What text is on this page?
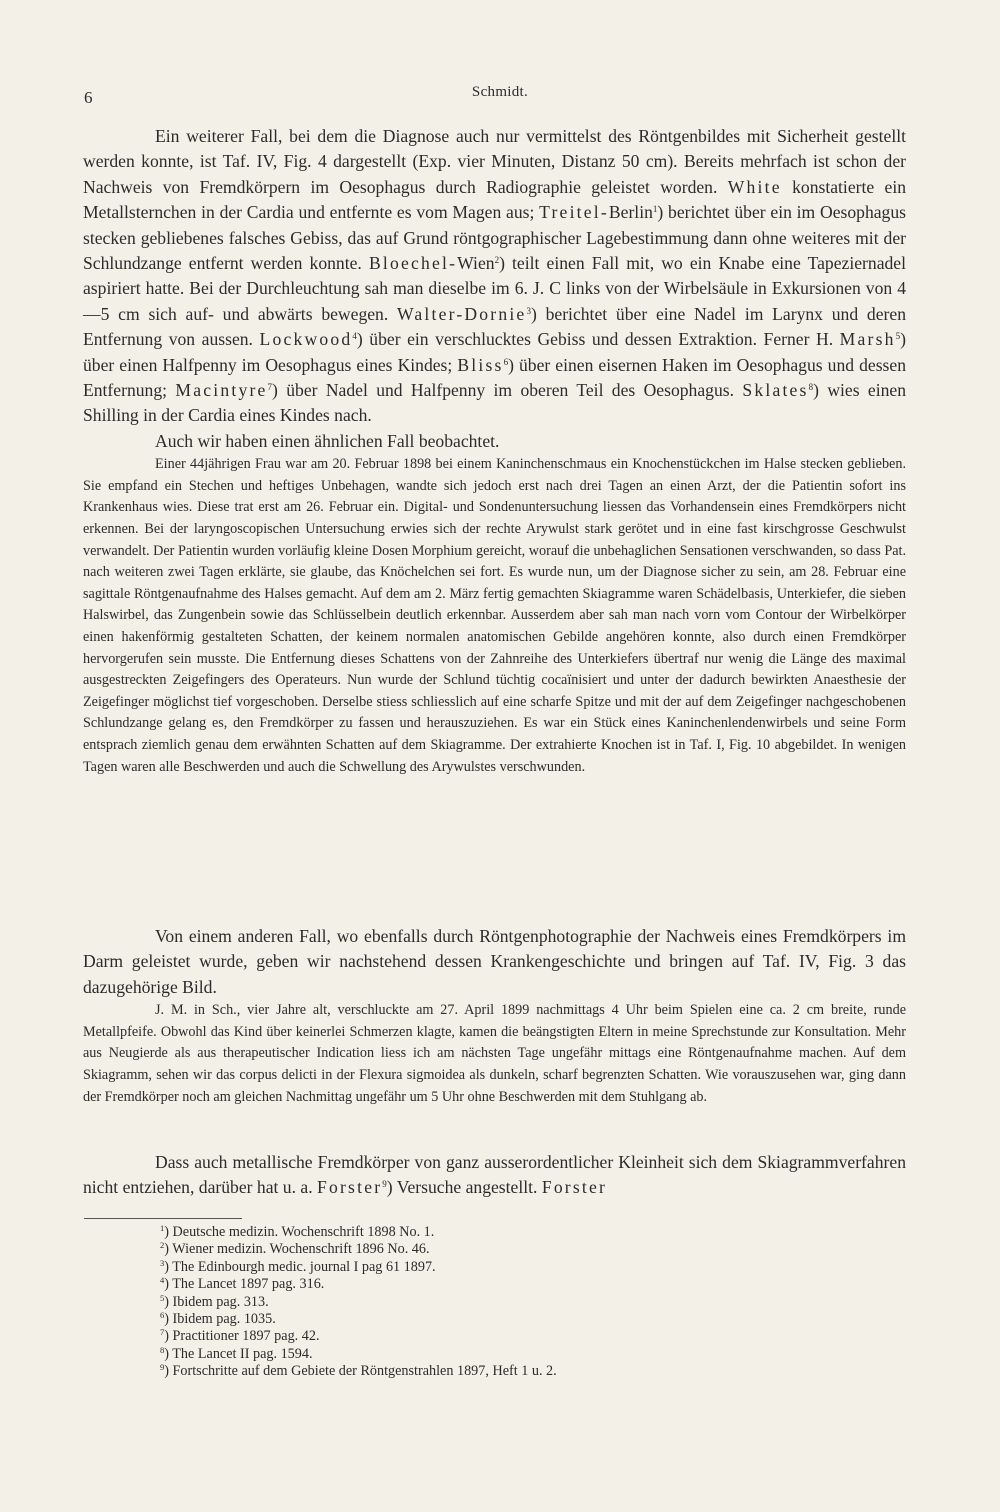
6	Schmidt.

Ein weiterer Fall, bei dem die Diagnose auch nur vermittelst des Röntgenbildes mit Sicherheit gestellt werden konnte, ist Taf. IV, Fig. 4 dargestellt (Exp. vier Minuten, Distanz 50 cm). Bereits mehrfach ist schon der Nachweis von Fremdkörpern im Oesophagus durch Radiographie geleistet worden. White konstatierte ein Metallsternchen in der Cardia und entfernte es vom Magen aus; Treitel-Berlin$^1$) berichtet über ein im Oesophagus stecken gebliebenes falsches Gebiss, das auf Grund röntgographischer Lagebestimmung dann ohne weiteres mit der Schlundzange entfernt werden konnte. Bloechel-Wien$^2$) teilt einen Fall mit, wo ein Knabe eine Tapeziernadel aspiriert hatte. Bei der Durchleuchtung sah man dieselbe im 6. J. C links von der Wirbelsäule in Exkursionen von 4—5 cm sich auf- und abwärts bewegen. Walter-Dornie$^3$) berichtet über eine Nadel im Larynx und deren Entfernung von aussen. Lockwood$^4$) über ein verschlucktes Gebiss und dessen Extraktion. Ferner H. Marsh$^5$) über einen Halfpenny im Oesophagus eines Kindes; Bliss$^6$) über einen eisernen Haken im Oesophagus und dessen Entfernung; Macintyre$^7$) über Nadel und Halfpenny im oberen Teil des Oesophagus. Sklates$^8$) wies einen Shilling in der Cardia eines Kindes nach.

Auch wir haben einen ähnlichen Fall beobachtet.

Einer 44jährigen Frau war am 20. Februar 1898 bei einem Kaninchenschmaus ein Knochenstückchen im Halse stecken geblieben. Sie empfand ein Stechen und heftiges Unbehagen, wandte sich jedoch erst nach drei Tagen an einen Arzt, der die Patientin sofort ins Krankenhaus wies. Diese trat erst am 26. Februar ein. Digital- und Sondenuntersuchung liessen das Vorhandensein eines Fremdkörpers nicht erkennen. Bei der laryngoscopischen Untersuchung erwies sich der rechte Arywulst stark gerötet und in eine fast kirschgrosse Geschwulst verwandelt. Der Patientin wurden vorläufig kleine Dosen Morphium gereicht, worauf die unbehaglichen Sensationen verschwanden, so dass Pat. nach weiteren zwei Tagen erklärte, sie glaube, das Knöchelchen sei fort. Es wurde nun, um der Diagnose sicher zu sein, am 28. Februar eine sagittale Röntgenaufnahme des Halses gemacht. Auf dem am 2. März fertig gemachten Skiagramme waren Schädelbasis, Unterkiefer, die sieben Halswirbel, das Zungenbein sowie das Schlüsselbein deutlich erkennbar. Ausserdem aber sah man nach vorn vom Contour der Wirbelkörper einen hakenförmig gestalteten Schatten, der keinem normalen anatomischen Gebilde angehören konnte, also durch einen Fremdkörper hervorgerufen sein musste. Die Entfernung dieses Schattens von der Zahnreihe des Unterkiefers übertraf nur wenig die Länge des maximal ausgestreckten Zeigefingers des Operateurs. Nun wurde der Schlund tüchtig cocaïnisiert und unter der dadurch bewirkten Anaesthesie der Zeigefinger möglichst tief vorgeschoben. Derselbe stiess schliesslich auf eine scharfe Spitze und mit der auf dem Zeigefinger nachgeschobenen Schlundzange gelang es, den Fremdkörper zu fassen und herauszuziehen. Es war ein Stück eines Kaninchenlendenwirbels und seine Form entsprach ziemlich genau dem erwähnten Schatten auf dem Skiagramme. Der extrahierte Knochen ist in Taf. I, Fig. 10 abgebildet. In wenigen Tagen waren alle Beschwerden und auch die Schwellung des Arywulstes verschwunden.

Von einem anderen Fall, wo ebenfalls durch Röntgenphotographie der Nachweis eines Fremdkörpers im Darm geleistet wurde, geben wir nachstehend dessen Krankengeschichte und bringen auf Taf. IV, Fig. 3 das dazugehörige Bild.

J. M. in Sch., vier Jahre alt, verschluckte am 27. April 1899 nachmittags 4 Uhr beim Spielen eine ca. 2 cm breite, runde Metallpfeife. Obwohl das Kind über keinerlei Schmerzen klagte, kamen die beängstigten Eltern in meine Sprechstunde zur Konsultation. Mehr aus Neugierde als aus therapeutischer Indication liess ich am nächsten Tage ungefähr mittags eine Röntgenaufnahme machen. Auf dem Skiagramm, sehen wir das corpus delicti in der Flexura sigmoidea als dunkeln, scharf begrenzten Schatten. Wie vorauszusehen war, ging dann der Fremdkörper noch am gleichen Nachmittag ungefähr um 5 Uhr ohne Beschwerden mit dem Stuhlgang ab.

Dass auch metallische Fremdkörper von ganz ausserordentlicher Kleinheit sich dem Skiagrammverfahren nicht entziehen, darüber hat u. a. Forster$^9$) Versuche angestellt. Forster

$^1$) Deutsche medizin. Wochenschrift 1898 No. 1.
$^2$) Wiener medizin. Wochenschrift 1896 No. 46.
$^3$) The Edinbourgh medic. journal I pag 61 1897.
$^4$) The Lancet 1897 pag. 316.
$^5$) Ibidem pag. 313.
$^6$) Ibidem pag. 1035.
$^7$) Practitioner 1897 pag. 42.
$^8$) The Lancet II pag. 1594.
$^9$) Fortschritte auf dem Gebiete der Röntgenstrahlen 1897, Heft 1 u. 2.
